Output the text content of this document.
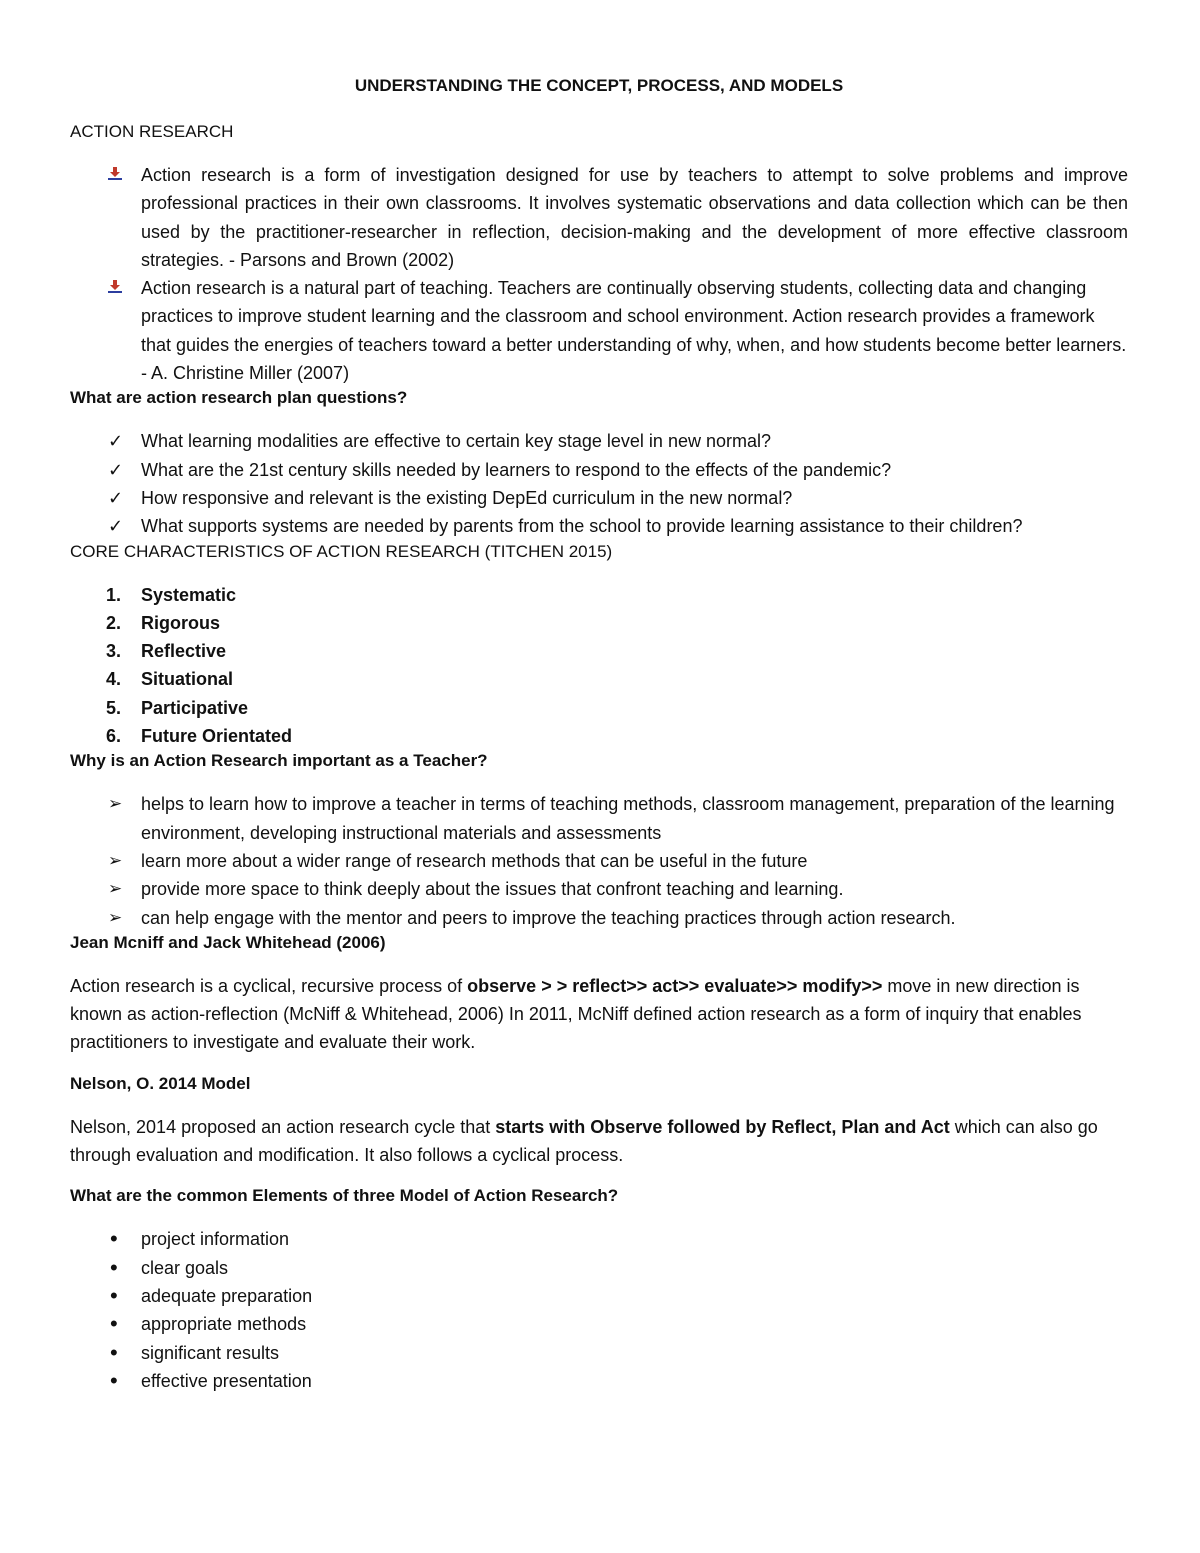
UNDERSTANDING THE CONCEPT, PROCESS, AND MODELS
ACTION RESEARCH
Action research is a form of investigation designed for use by teachers to attempt to solve problems and improve professional practices in their own classrooms. It involves systematic observations and data collection which can be then used by the practitioner-researcher in reflection, decision-making and the development of more effective classroom strategies. - Parsons and Brown (2002)
Action research is a natural part of teaching. Teachers are continually observing students, collecting data and changing practices to improve student learning and the classroom and school environment. Action research provides a framework that guides the energies of teachers toward a better understanding of why, when, and how students become better learners. - A. Christine Miller (2007)
What are action research plan questions?
✓ What learning modalities are effective to certain key stage level in new normal?
✓ What are the 21st century skills needed by learners to respond to the effects of the pandemic?
✓ How responsive and relevant is the existing DepEd curriculum in the new normal?
✓ What supports systems are needed by parents from the school to provide learning assistance to their children?
CORE CHARACTERISTICS OF ACTION RESEARCH (TITCHEN 2015)
1.	Systematic
2.	Rigorous
3.	Reflective
4.	Situational
5.	Participative
6.	Future Orientated
Why is an Action Research important as a Teacher?
➢	helps to learn how to improve a teacher in terms of teaching methods, classroom management, preparation of the learning environment, developing instructional materials and assessments
➢	learn more about a wider range of research methods that can be useful in the future
➢	provide more space to think deeply about the issues that confront teaching and learning.
➢	can help engage with the mentor and peers to improve the teaching practices through action research.
Jean Mcniff and Jack Whitehead (2006)

Action research is a cyclical, recursive process of observe > > reflect>> act>> evaluate>> modify>> move in new direction is known as action-reflection (McNiff & Whitehead, 2006) In 2011, McNiff defined action research as a form of inquiry that enables practitioners to investigate and evaluate their work.

Nelson, O. 2014 Model

Nelson, 2014 proposed an action research cycle that starts with Observe followed by Reflect, Plan and Act which can also go through evaluation and modification. It also follows a cyclical process.

What are the common Elements of three Model of Action Research?
•	project information
•	clear goals
•	adequate preparation
•	appropriate methods
•	significant results
•	effective presentation
